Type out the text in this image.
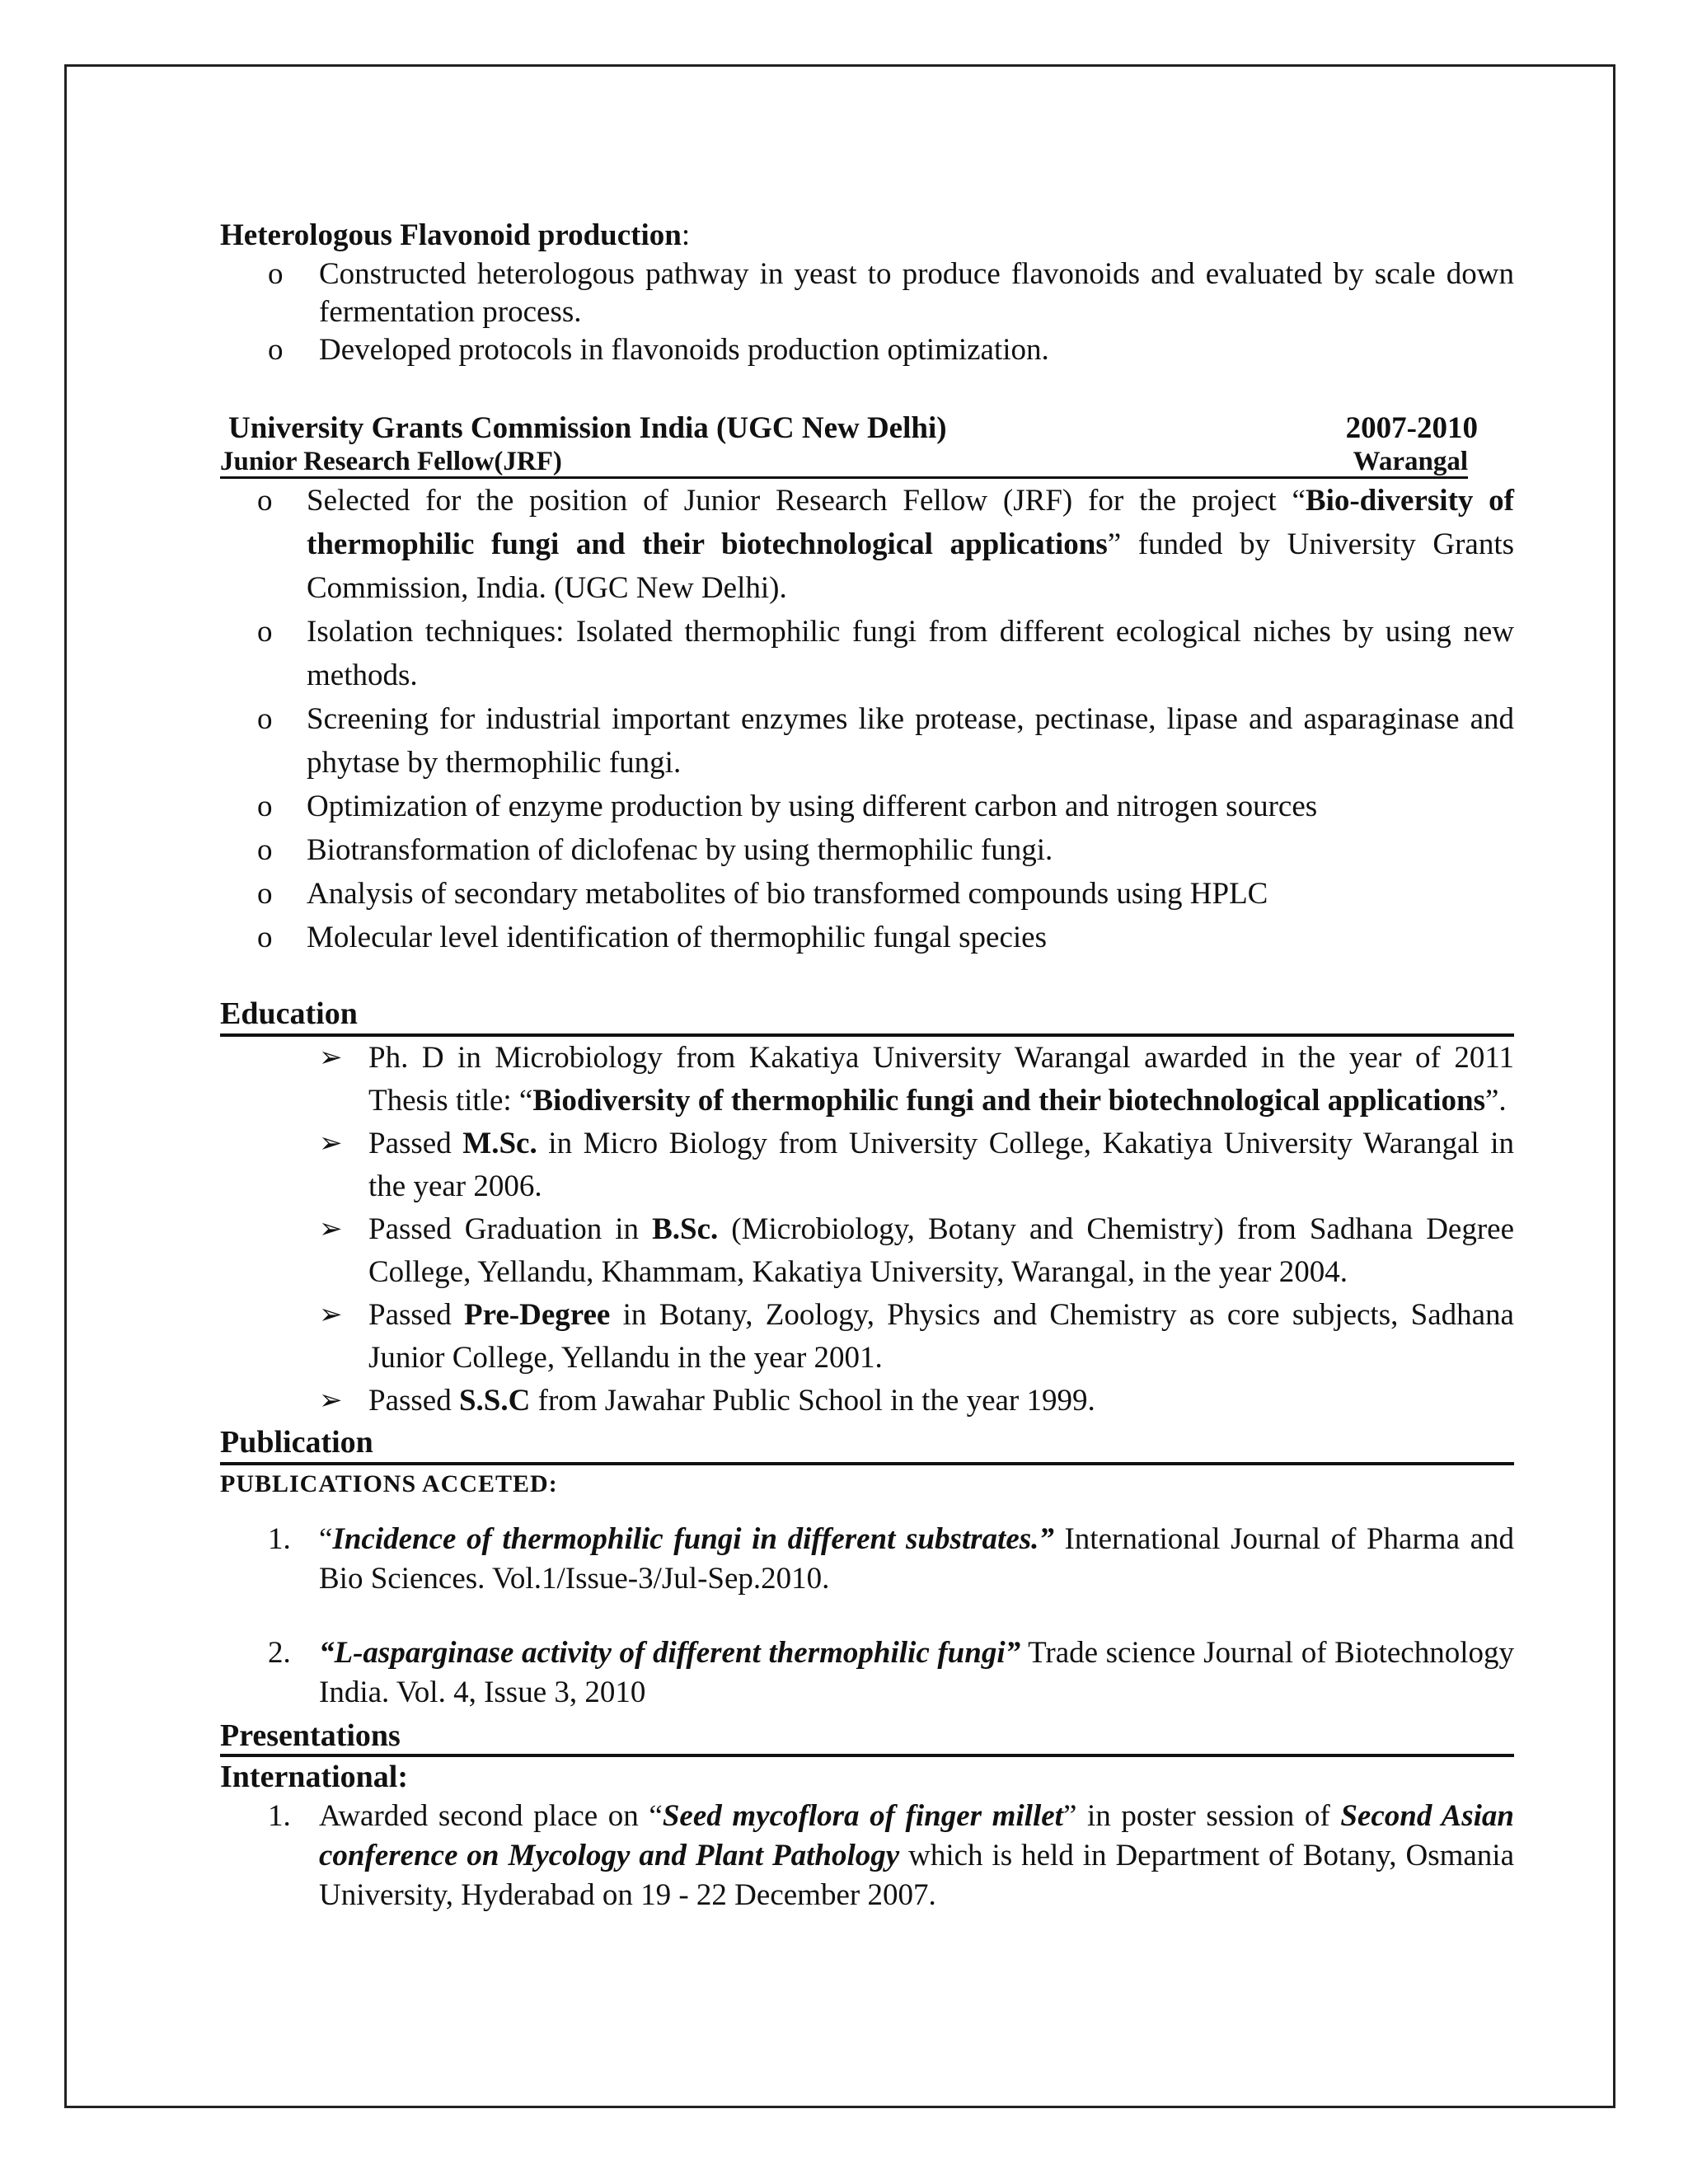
Heterologous Flavonoid production:
o Constructed heterologous pathway in yeast to produce flavonoids and evaluated by scale down fermentation process.
o Developed protocols in flavonoids production optimization.
University Grants Commission India (UGC New Delhi)	2007-2010
Junior Research Fellow(JRF)	Warangal
o Selected for the position of Junior Research Fellow (JRF) for the project “Bio-diversity of thermophilic fungi and their biotechnological applications” funded by University Grants Commission, India. (UGC New Delhi).
o Isolation techniques: Isolated thermophilic fungi from different ecological niches by using new methods.
o Screening for industrial important enzymes like protease, pectinase, lipase and asparaginase and phytase by thermophilic fungi.
o Optimization of enzyme production by using different carbon and nitrogen sources
o Biotransformation of diclofenac by using thermophilic fungi.
o Analysis of secondary metabolites of bio transformed compounds using HPLC
o Molecular level identification of thermophilic fungal species
Education
➢ Ph. D in Microbiology from Kakatiya University Warangal awarded in the year of 2011 Thesis title: “Biodiversity of thermophilic fungi and their biotechnological applications”.
➢ Passed M.Sc. in Micro Biology from University College, Kakatiya University Warangal in the year 2006.
➢ Passed Graduation in B.Sc. (Microbiology, Botany and Chemistry) from Sadhana Degree College, Yellandu, Khammam, Kakatiya University, Warangal, in the year 2004.
➢ Passed Pre-Degree in Botany, Zoology, Physics and Chemistry as core subjects, Sadhana Junior College, Yellandu in the year 2001.
➢ Passed S.S.C from Jawahar Public School in the year 1999.
Publication
PUBLICATIONS ACCETED:
1. “Incidence of thermophilic fungi in different substrates.” International Journal of Pharma and Bio Sciences. Vol.1/Issue-3/Jul-Sep.2010.
2. “L-asparginase activity of different thermophilic fungi” Trade science Journal of Biotechnology India. Vol. 4, Issue 3, 2010
Presentations
International:
1. Awarded second place on “Seed mycoflora of finger millet” in poster session of Second Asian conference on Mycology and Plant Pathology which is held in Department of Botany, Osmania University, Hyderabad on 19 - 22 December 2007.
